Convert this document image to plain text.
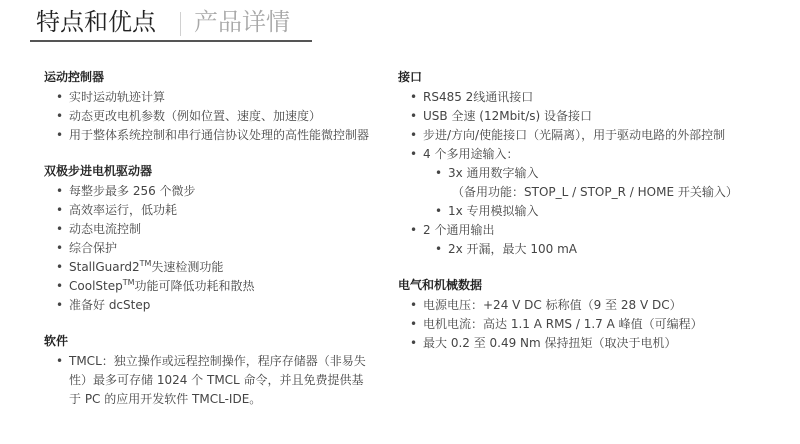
特点和优点 产品详情
运动控制器
• 实时运动轨迹计算
• 动态更改电机参数（例如位置、速度、加速度）
• 用于整体系统控制和串行通信协议处理的高性能微控制器
双极步进电机驱动器
• 每整步最多 256 个微步
• 高效率运行，低功耗
• 动态电流控制
• 综合保护
• StallGuard2™失速检测功能
• CoolStep™功能可降低功耗和散热
• 准备好 dcStep
软件
• TMCL：独立操作或远程控制操作，程序存储器（非易失性）最多可存储 1024 个 TMCL 命令，并且免费提供基于 PC 的应用开发软件 TMCL-IDE。
接口
• RS485 2线通讯接口
• USB 全速 (12Mbit/s) 设备接口
• 步进/方向/使能接口（光隔离），用于驱动电路的外部控制
• 4 个多用途输入：
• 3x 通用数字输入
（备用功能：STOP_L / STOP_R / HOME 开关输入）
• 1x 专用模拟输入
• 2 个通用输出
• 2x 开漏，最大 100 mA
电气和机械数据
• 电源电压：+24 V DC 标称值（9 至 28 V DC）
• 电机电流：高达 1.1 A RMS / 1.7 A 峰值（可编程）
• 最大 0.2 至 0.49 Nm 保持扭矩（取决于电机）
